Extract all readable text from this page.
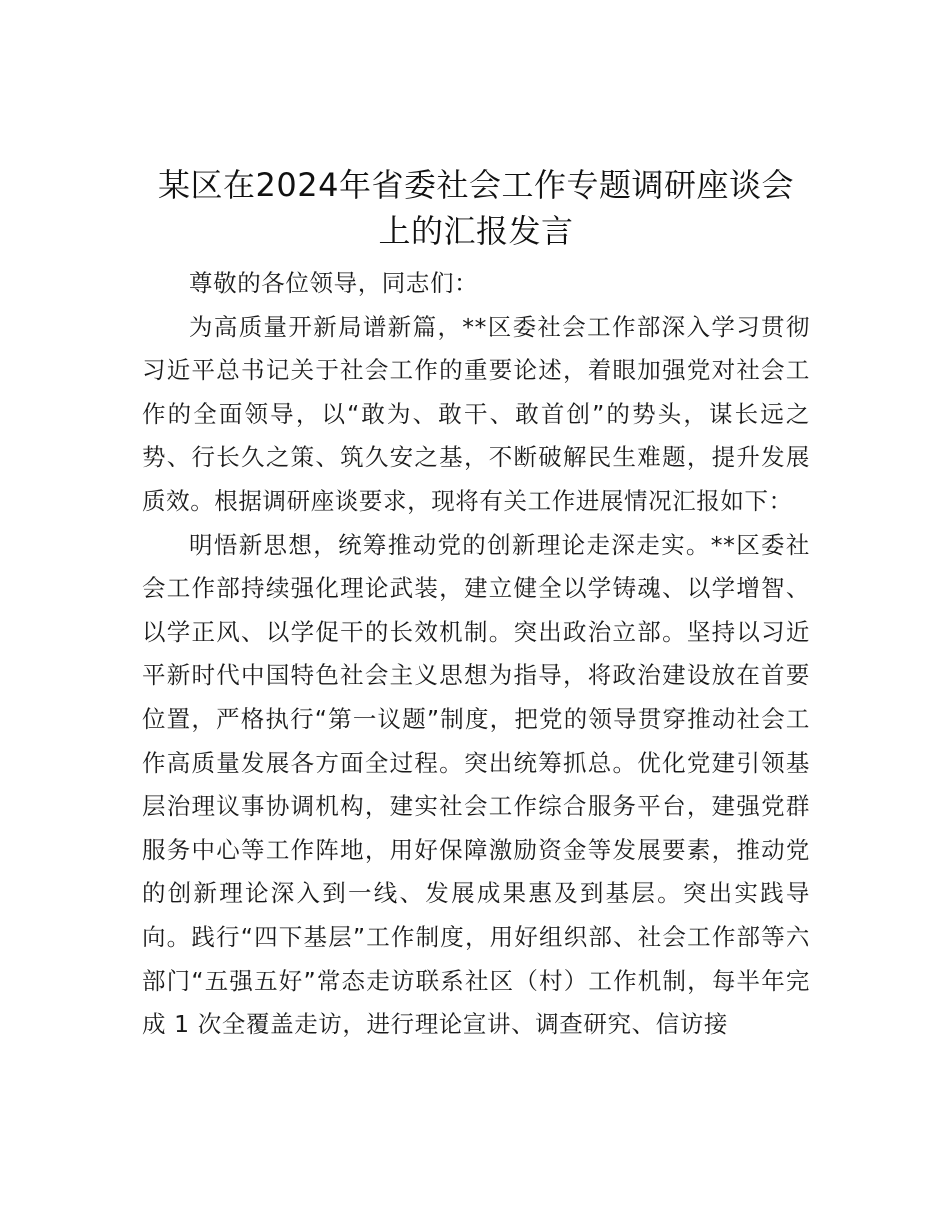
某区在2024年省委社会工作专题调研座谈会
上的汇报发言

尊敬的各位领导，同志们：

为高质量开新局谱新篇，**区委社会工作部深入学习贯彻习近平总书记关于社会工作的重要论述，着眼加强党对社会工作的全面领导，以“敢为、敢干、敢首创”的势头，谋长远之势、行长久之策、筑久安之基，不断破解民生难题，提升发展质效。根据调研座谈要求，现将有关工作进展情况汇报如下：

明悟新思想，统筹推动党的创新理论走深走实。**区委社会工作部持续强化理论武装，建立健全以学铸魂、以学增智、以学正风、以学促干的长效机制。突出政治立部。坚持以习近平新时代中国特色社会主义思想为指导，将政治建设放在首要位置，严格执行“第一议题”制度，把党的领导贯穿推动社会工作高质量发展各方面全过程。突出统筹抓总。优化党建引领基层治理议事协调机构，建实社会工作综合服务平台，建强党群服务中心等工作阵地，用好保障激励资金等发展要素，推动党的创新理论深入到一线、发展成果惠及到基层。突出实践导向。践行“四下基层”工作制度，用好组织部、社会工作部等六部门“五强五好”常态走访联系社区（村）工作机制，每半年完成 1 次全覆盖走访，进行理论宣讲、调查研究、信访接
